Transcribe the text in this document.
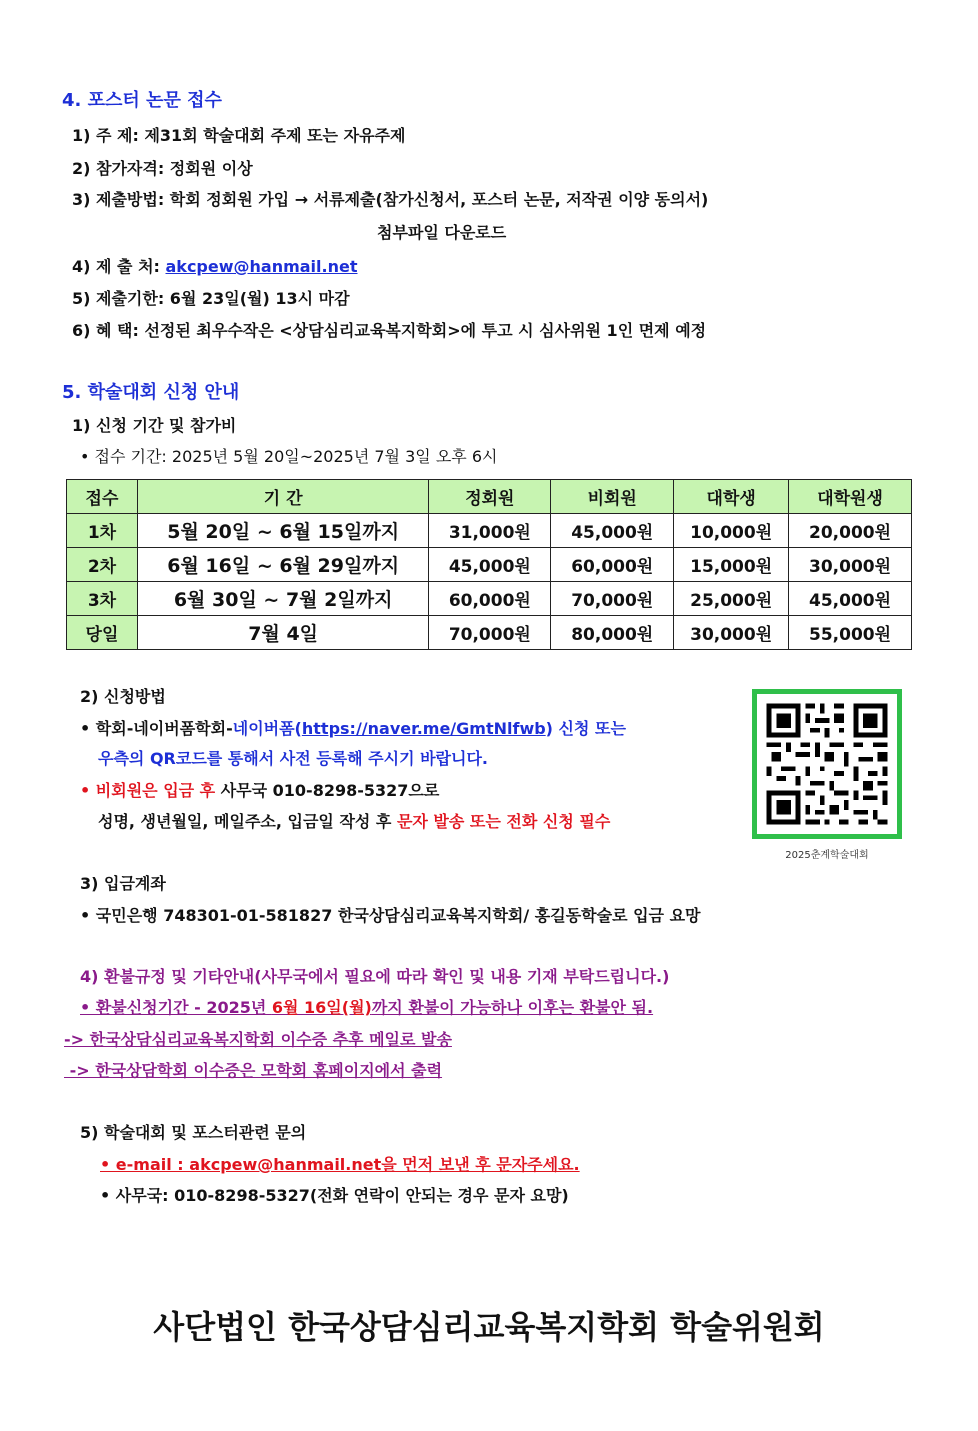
4. 포스터 논문 접수
1) 주 제: 제31회 학술대회 주제 또는 자유주제
2) 참가자격: 정회원 이상
3) 제출방법: 학회 정회원 가입 → 서류제출(참가신청서, 포스터 논문, 저작권 이양 동의서)
첨부파일 다운로드
4) 제 출 처: akcpew@hanmail.net
5) 제출기한: 6월 23일(월) 13시 마감
6) 혜 택: 선정된 최우수작은 <상담심리교육복지학회>에 투고 시 심사위원 1인 면제 예정
5. 학술대회 신청 안내
1) 신청 기간 및 참가비
• 접수 기간: 2025년 5월 20일~2025년 7월 3일 오후 6시
접수	기 간	정회원	비회원	대학생	대학원생
1차	5월 20일 ~ 6월 15일까지	31,000원	45,000원	10,000원	20,000원
2차	6월 16일 ~ 6월 29일까지	45,000원	60,000원	15,000원	30,000원
3차	6월 30일 ~ 7월 2일까지	60,000원	70,000원	25,000원	45,000원
당일	7월 4일	70,000원	80,000원	30,000원	55,000원
2) 신청방법
• 학회-네이버폼학회-네이버폼(https://naver.me/GmtNlfwb) 신청 또는
우측의 QR코드를 통해서 사전 등록해 주시기 바랍니다.
• 비회원은 입금 후 사무국 010-8298-5327으로
성명, 생년월일, 메일주소, 입금일 작성 후 문자 발송 또는 전화 신청 필수
2025춘계학술대회
3) 입금계좌
• 국민은행 748301-01-581827 한국상담심리교육복지학회/ 홍길동학술로 입금 요망
4) 환불규정 및 기타안내(사무국에서 필요에 따라 확인 및 내용 기재 부탁드립니다.)
• 환불신청기간 - 2025년 6월 16일(월)까지 환불이 가능하나 이후는 환불안 됨.
-> 한국상담심리교육복지학회 이수증 추후 메일로 발송
-> 한국상담학회 이수증은 모학회 홈페이지에서 출력
5) 학술대회 및 포스터관련 문의
• e-mail : akcpew@hanmail.net을 먼저 보낸 후 문자주세요.
• 사무국: 010-8298-5327(전화 연락이 안되는 경우 문자 요망)
사단법인 한국상담심리교육복지학회 학술위원회
